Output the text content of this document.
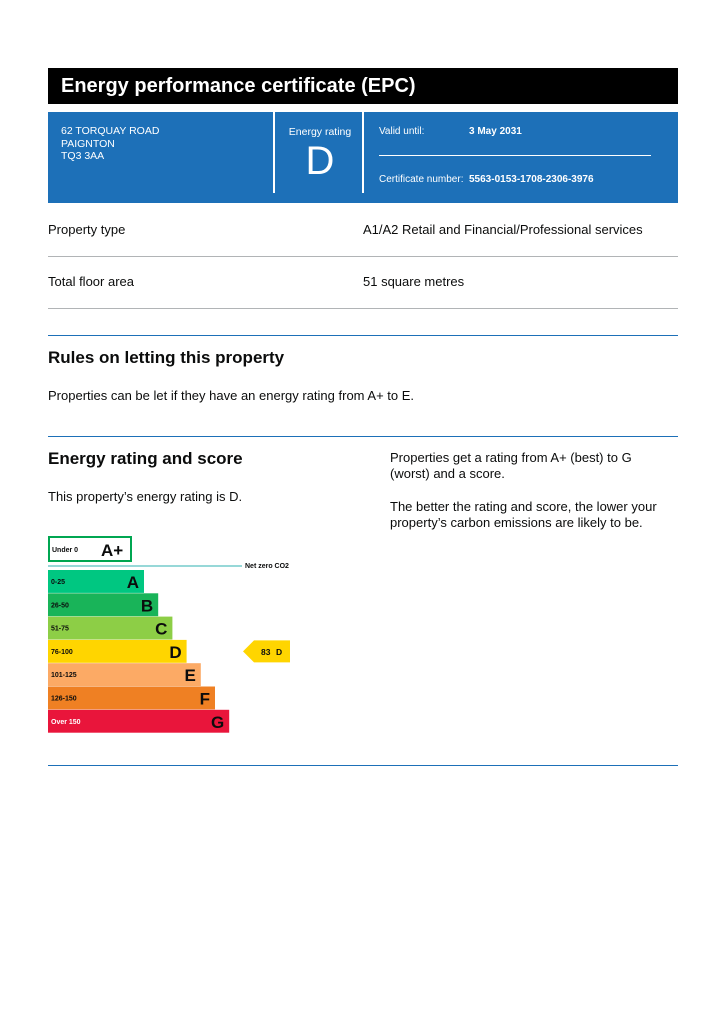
Energy performance certificate (EPC)
62 TORQUAY ROAD
PAIGNTON
TQ3 3AA
Energy rating
D
Valid until:	3 May 2031
Certificate number: 5563-0153-1708-2306-3976
Property type	A1/A2 Retail and Financial/Professional services
Total floor area	51 square metres
Rules on letting this property
Properties can be let if they have an energy rating from A+ to E.
Energy rating and score
This property’s energy rating is D.
Properties get a rating from A+ (best) to G
(worst) and a score.
The better the rating and score, the lower your
property’s carbon emissions are likely to be.
Under 0 A+
Net zero CO2
0-25	A
26-50	B
51-75	C
76-100	D
101-125	E
126-150	F
Over 150	G
83 D
